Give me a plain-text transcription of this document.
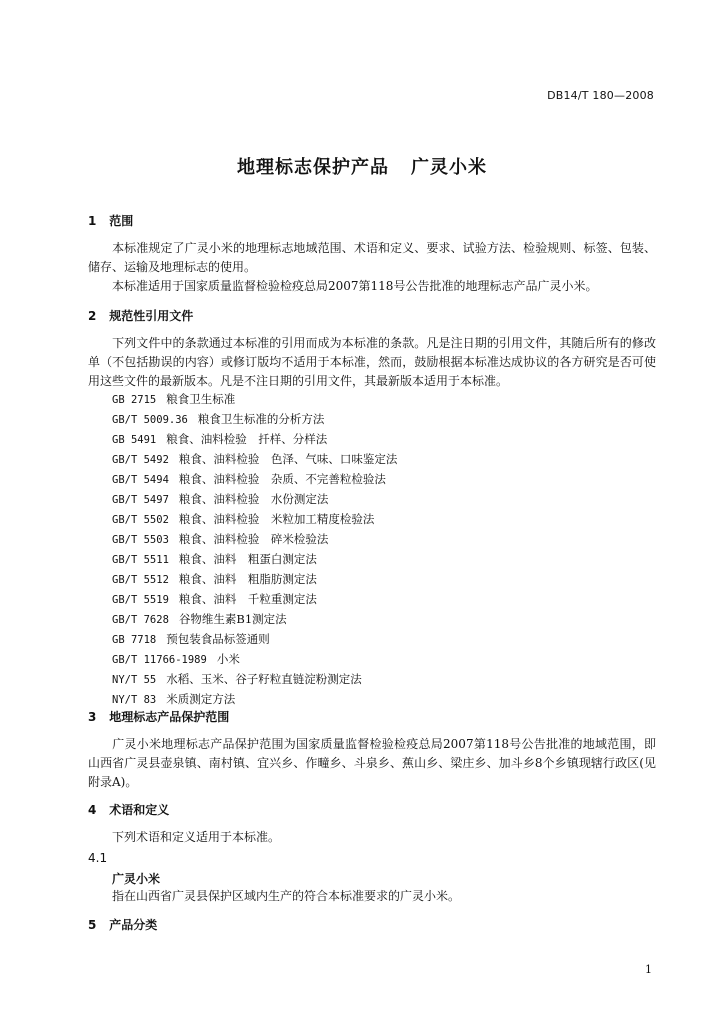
DB14/T 180—2008
地理标志保护产品 广灵小米
1 范围
本标准规定了广灵小米的地理标志地域范围、术语和定义、要求、试验方法、检验规则、标签、包装、储存、运输及地理标志的使用。
本标准适用于国家质量监督检验检疫总局2007第118号公告批准的地理标志产品广灵小米。
2 规范性引用文件
下列文件中的条款通过本标准的引用而成为本标准的条款。凡是注日期的引用文件，其随后所有的修改单（不包括勘误的内容）或修订版均不适用于本标准，然而，鼓励根据本标准达成协议的各方研究是否可使用这些文件的最新版本。凡是不注日期的引用文件，其最新版本适用于本标准。
GB 2715 粮食卫生标准
GB/T 5009.36 粮食卫生标准的分析方法
GB 5491 粮食、油料检验　扦样、分样法
GB/T 5492 粮食、油料检验　色泽、气味、口味鉴定法
GB/T 5494 粮食、油料检验　杂质、不完善粒检验法
GB/T 5497 粮食、油料检验　水份测定法
GB/T 5502 粮食、油料检验　米粒加工精度检验法
GB/T 5503 粮食、油料检验　碎米检验法
GB/T 5511 粮食、油料　粗蛋白测定法
GB/T 5512 粮食、油料　粗脂肪测定法
GB/T 5519 粮食、油料　千粒重测定法
GB/T 7628 谷物维生素B1测定法
GB 7718 预包装食品标签通则
GB/T 11766-1989 小米
NY/T 55 水稻、玉米、谷子籽粒直链淀粉测定法
NY/T 83 米质测定方法
3 地理标志产品保护范围
广灵小米地理标志产品保护范围为国家质量监督检验检疫总局2007第118号公告批准的地域范围，即山西省广灵县壶泉镇、南村镇、宜兴乡、作疃乡、斗泉乡、蕉山乡、梁庄乡、加斗乡8个乡镇现辖行政区(见附录A)。
4 术语和定义
下列术语和定义适用于本标准。
4.1
广灵小米
指在山西省广灵县保护区域内生产的符合本标准要求的广灵小米。
5 产品分类
1
